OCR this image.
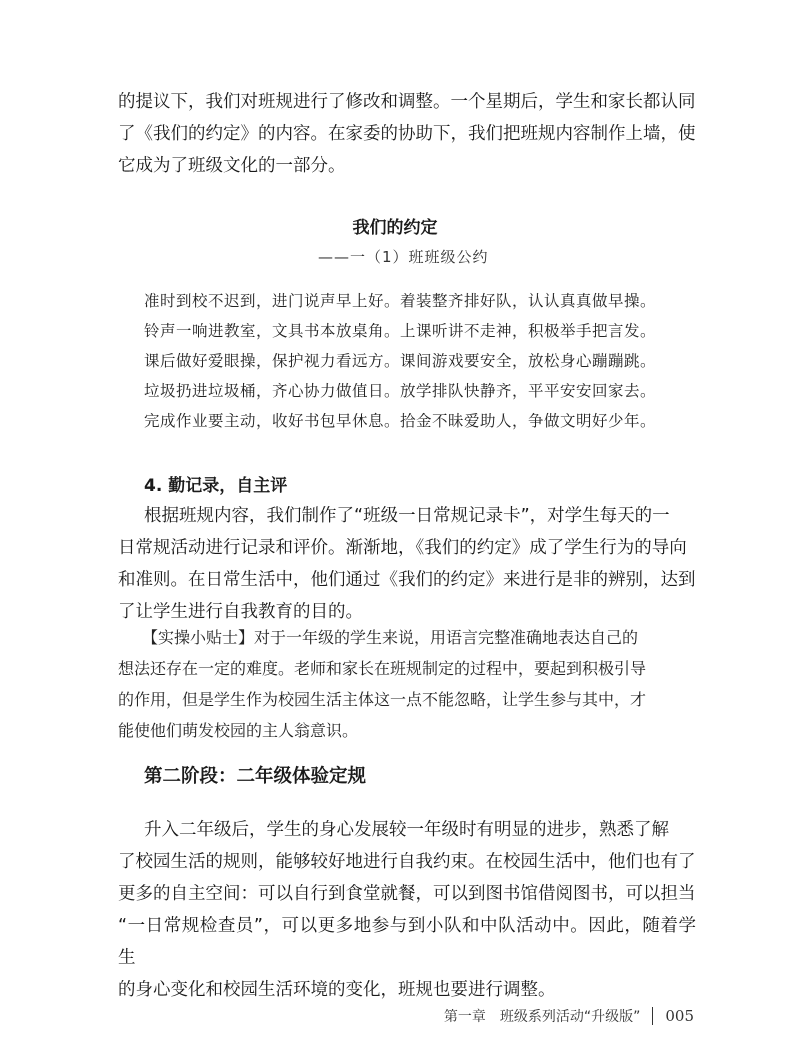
的提议下，我们对班规进行了修改和调整。一个星期后，学生和家长都认同
了《我们的约定》的内容。在家委的协助下，我们把班规内容制作上墙，使
它成为了班级文化的一部分。
我们的约定
——一（1）班班级公约
准时到校不迟到，进门说声早上好。着装整齐排好队，认认真真做早操。
铃声一响进教室，文具书本放桌角。上课听讲不走神，积极举手把言发。
课后做好爱眼操，保护视力看远方。课间游戏要安全，放松身心蹦蹦跳。
垃圾扔进垃圾桶，齐心协力做值日。放学排队快静齐，平平安安回家去。
完成作业要主动，收好书包早休息。拾金不昧爱助人，争做文明好少年。
4. 勤记录，自主评
根据班规内容，我们制作了“班级一日常规记录卡”，对学生每天的一
日常规活动进行记录和评价。渐渐地，《我们的约定》成了学生行为的导向
和准则。在日常生活中，他们通过《我们的约定》来进行是非的辨别，达到
了让学生进行自我教育的目的。
【实操小贴士】对于一年级的学生来说，用语言完整准确地表达自己的
想法还存在一定的难度。老师和家长在班规制定的过程中，要起到积极引导
的作用，但是学生作为校园生活主体这一点不能忽略，让学生参与其中，才
能使他们萌发校园的主人翁意识。
第二阶段：二年级体验定规
升入二年级后，学生的身心发展较一年级时有明显的进步，熟悉了解
了校园生活的规则，能够较好地进行自我约束。在校园生活中，他们也有了
更多的自主空间：可以自行到食堂就餐，可以到图书馆借阅图书，可以担当
“一日常规检查员”，可以更多地参与到小队和中队活动中。因此，随着学生
的身心变化和校园生活环境的变化，班规也要进行调整。
第一章　班级系列活动“升级版” 005
